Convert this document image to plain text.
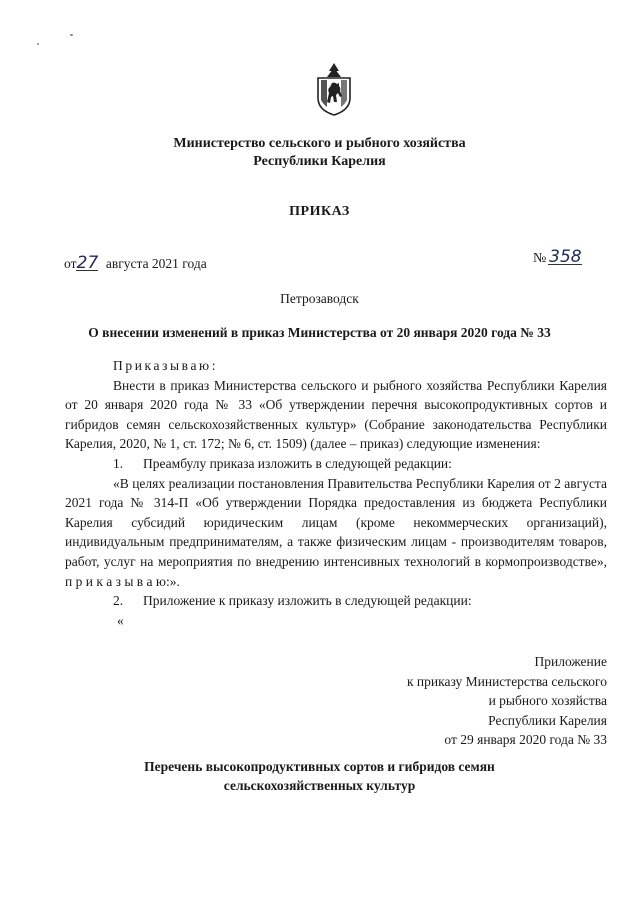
Министерство сельского и рыбного хозяйства
Республики Карелия
ПРИКАЗ
от27 августа 2021 года	№ 358
Петрозаводск
О внесении изменений в приказ Министерства от 20 января 2020 года № 33

Приказываю:

Внести в приказ Министерства сельского и рыбного хозяйства Республики Карелия от 20 января 2020 года № 33 «Об утверждении перечня высокопродуктивных сортов и гибридов семян сельскохозяйственных культур» (Собрание законодательства Республики Карелия, 2020, № 1, ст. 172; № 6, ст. 1509) (далее – приказ) следующие изменения:

1. Преамбулу приказа изложить в следующей редакции:

«В целях реализации постановления Правительства Республики Карелия от 2 августа 2021 года № 314-П «Об утверждении Порядка предоставления из бюджета Республики Карелия субсидий юридическим лицам (кроме некоммерческих организаций), индивидуальным предпринимателям, а также физическим лицам - производителям товаров, работ, услуг на мероприятия по внедрению интенсивных технологий в кормопроизводстве», п р и к а з ы в а ю:».

2. Приложение к приказу изложить в следующей редакции:

«

Приложение
к приказу Министерства сельского
и рыбного хозяйства
Республики Карелия
от 29 января 2020 года № 33
Перечень высокопродуктивных сортов и гибридов семян
сельскохозяйственных культур
